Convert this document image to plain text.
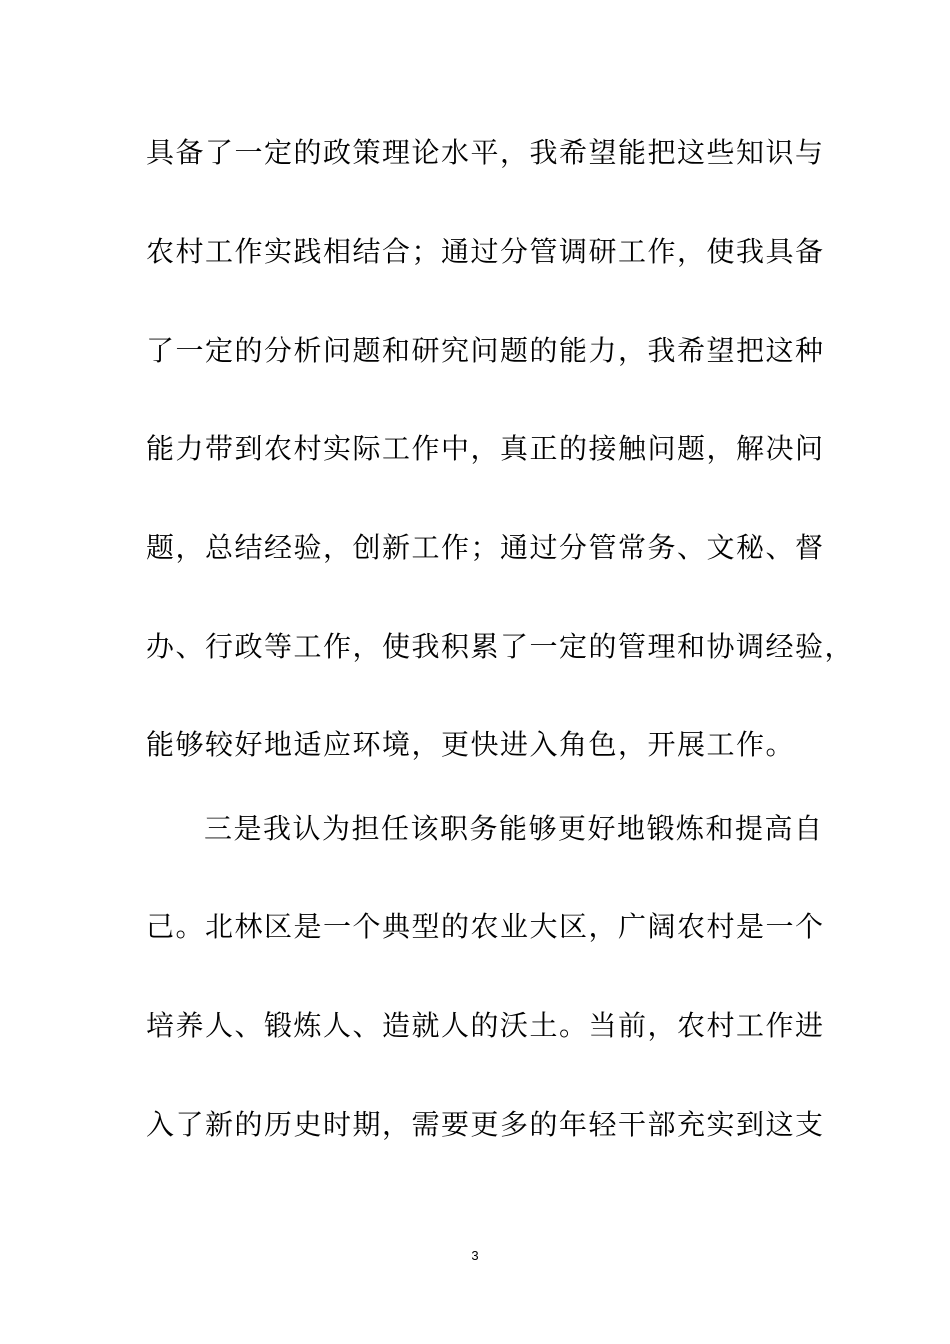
具备了一定的政策理论水平，我希望能把这些知识与
农村工作实践相结合；通过分管调研工作，使我具备
了一定的分析问题和研究问题的能力，我希望把这种
能力带到农村实际工作中，真正的接触问题，解决问
题，总结经验，创新工作；通过分管常务、文秘、督
办、行政等工作，使我积累了一定的管理和协调经验，
能够较好地适应环境，更快进入角色，开展工作。
三是我认为担任该职务能够更好地锻炼和提高自
己。北林区是一个典型的农业大区，广阔农村是一个
培养人、锻炼人、造就人的沃土。当前，农村工作进
入了新的历史时期，需要更多的年轻干部充实到这支
3
